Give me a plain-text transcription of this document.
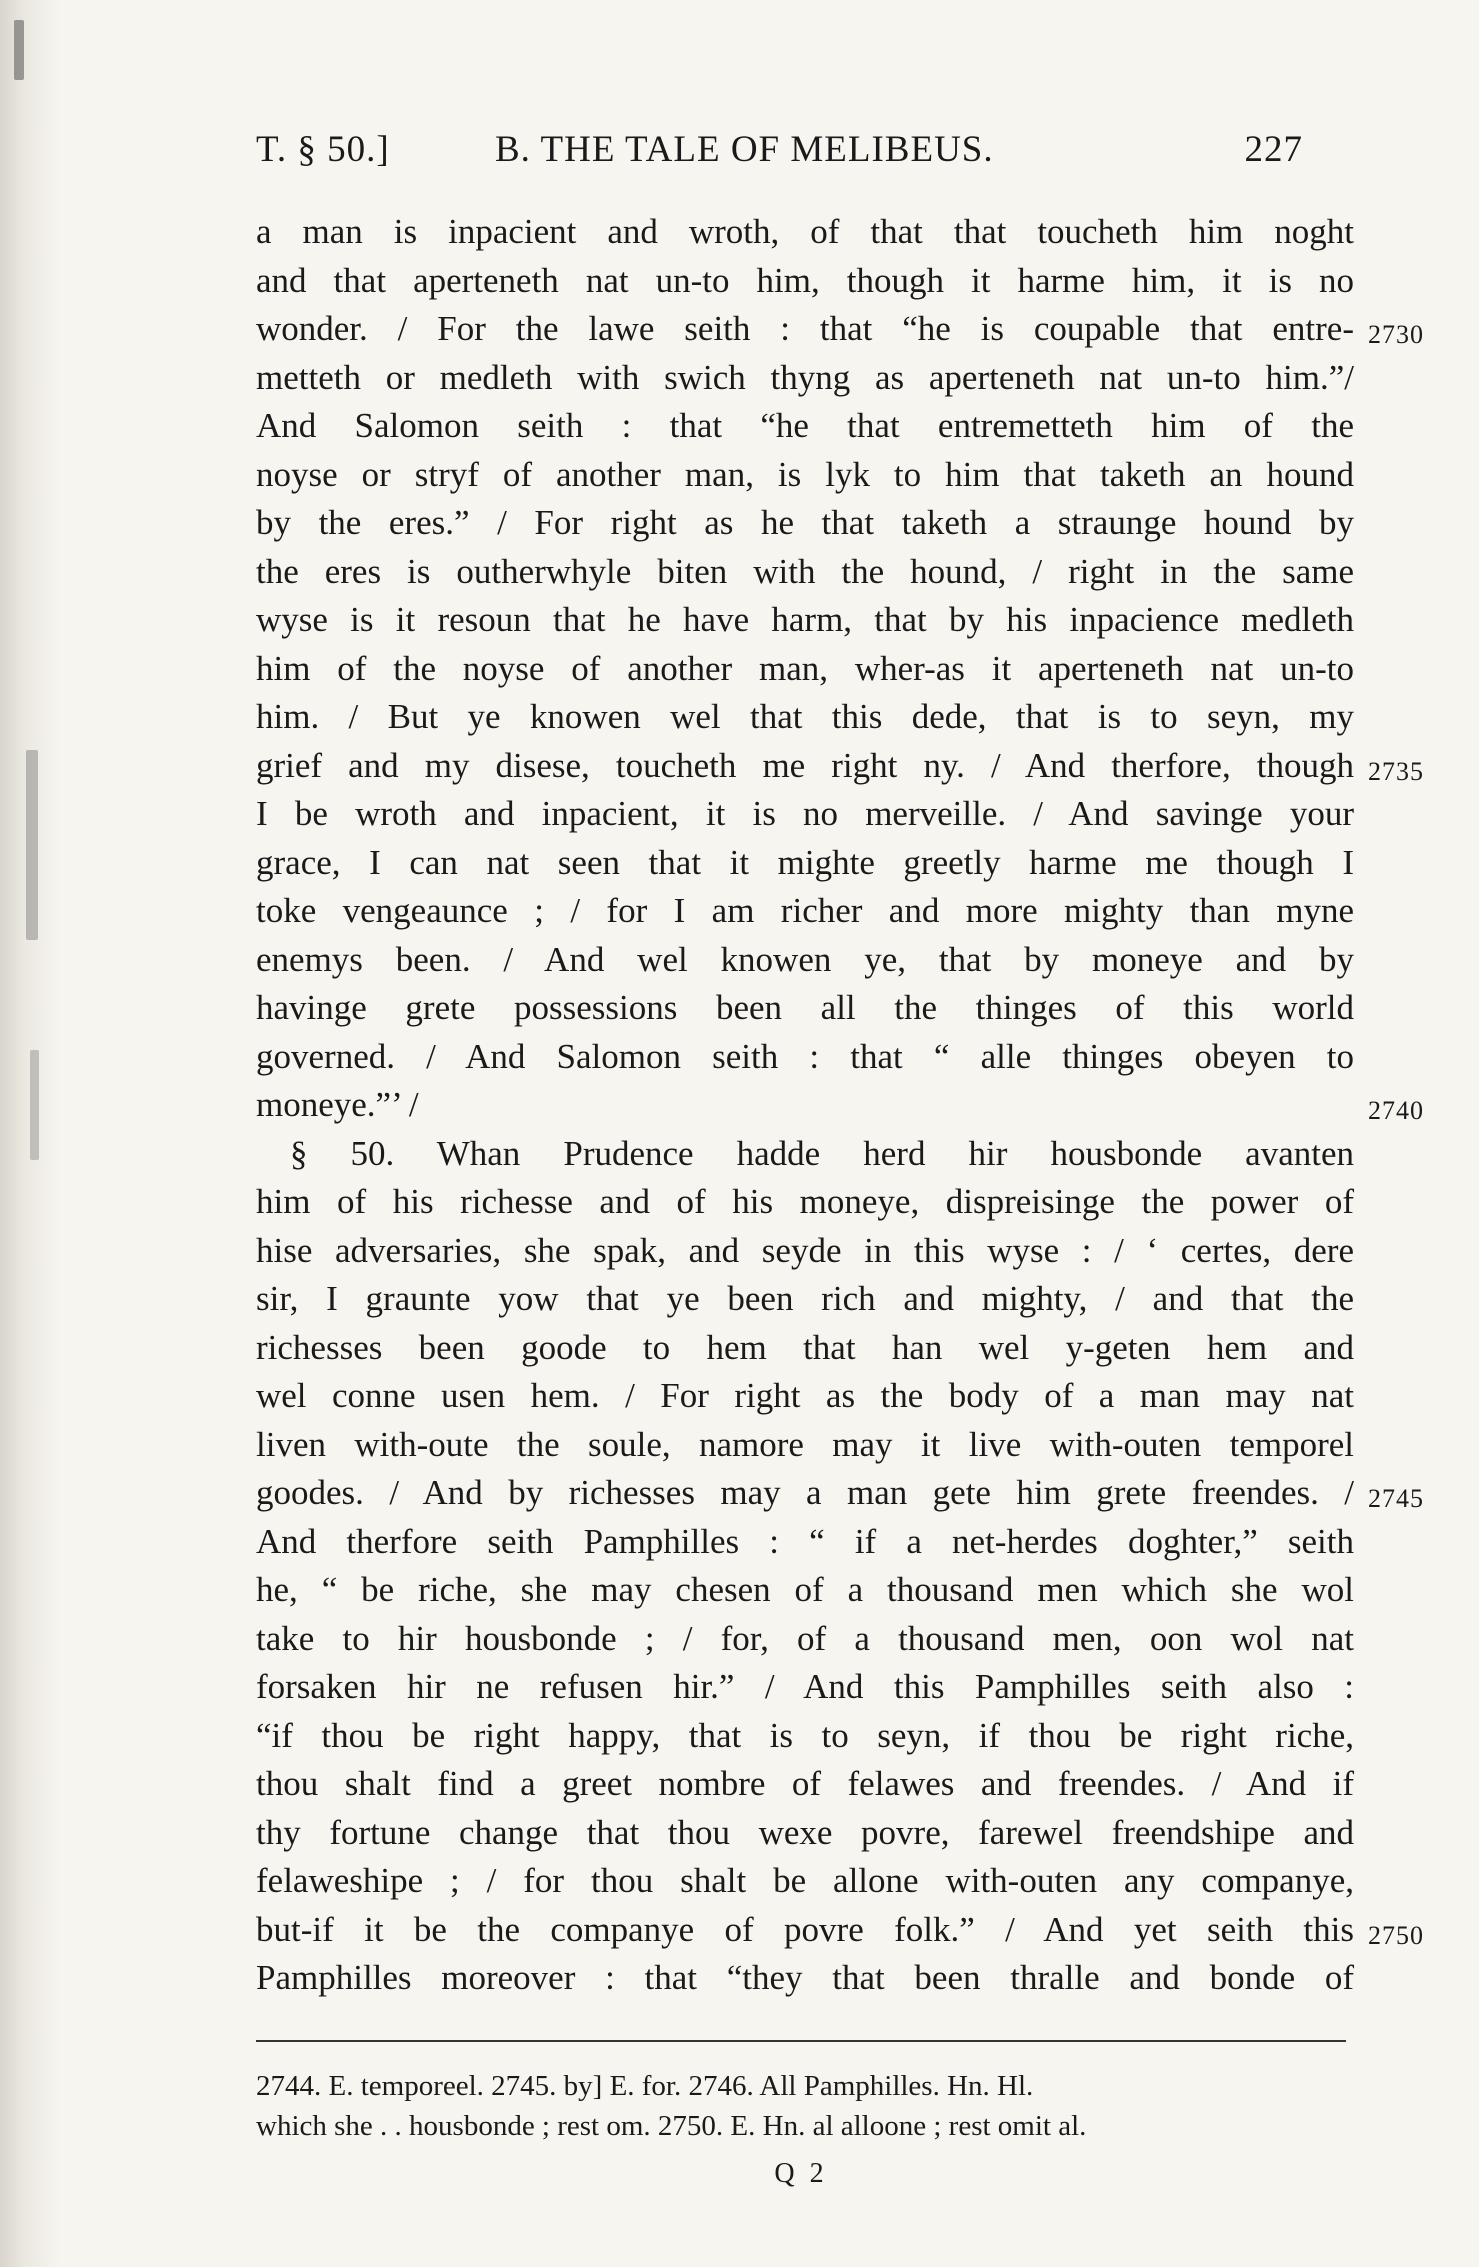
T. § 50.]	B. THE TALE OF MELIBEUS.	227
a man is inpacient and wroth, of that that toucheth him noght
and that aperteneth nat un-to him, though it harme him, it is no
wonder. / For the lawe seith : that “he is coupable that entre- 2730
metteth or medleth with swich thyng as aperteneth nat un-to him.”/
And Salomon seith : that “he that entremetteth him of the
noyse or stryf of another man, is lyk to him that taketh an hound
by the eres.” / For right as he that taketh a straunge hound by
the eres is outherwhyle biten with the hound, / right in the same
wyse is it resoun that he have harm, that by his inpacience medleth
him of the noyse of another man, wher-as it aperteneth nat un-to
him. / But ye knowen wel that this dede, that is to seyn, my
grief and my disese, toucheth me right ny. / And therfore, though 2735
I be wroth and inpacient, it is no merveille. / And savinge your
grace, I can nat seen that it mighte greetly harme me though I
toke vengeaunce ; / for I am richer and more mighty than myne
enemys been. / And wel knowen ye, that by moneye and by
havinge grete possessions been all the thinges of this world
governed. / And Salomon seith : that “ alle thinges obeyen to
moneye.”’ /	2740
§ 50. Whan Prudence hadde herd hir housbonde avanten
him of his richesse and of his moneye, dispreisinge the power of
hise adversaries, she spak, and seyde in this wyse : / ‘ certes, dere
sir, I graunte yow that ye been rich and mighty, / and that the
richesses been goode to hem that han wel y-geten hem and
wel conne usen hem. / For right as the body of a man may nat
liven with-oute the soule, namore may it live with-outen temporel
goodes. / And by richesses may a man gete him grete freendes. / 2745
And therfore seith Pamphilles : “ if a net-herdes doghter,” seith
he, “ be riche, she may chesen of a thousand men which she wol
take to hir housbonde ; / for, of a thousand men, oon wol nat
forsaken hir ne refusen hir.” / And this Pamphilles seith also :
“if thou be right happy, that is to seyn, if thou be right riche,
thou shalt find a greet nombre of felawes and freendes. / And if
thy fortune change that thou wexe povre, farewel freendshipe and
felaweshipe ; / for thou shalt be allone with-outen any companye,
but-if it be the companye of povre folk.” / And yet seith this 2750
Pamphilles moreover : that “they that been thralle and bonde of
2744. E. temporeel. 2745. by] E. for. 2746. All Pamphilles. Hn. Hl.
which she . . housbonde ; rest om. 2750. E. Hn. al alloone ; rest omit al.
Q 2
